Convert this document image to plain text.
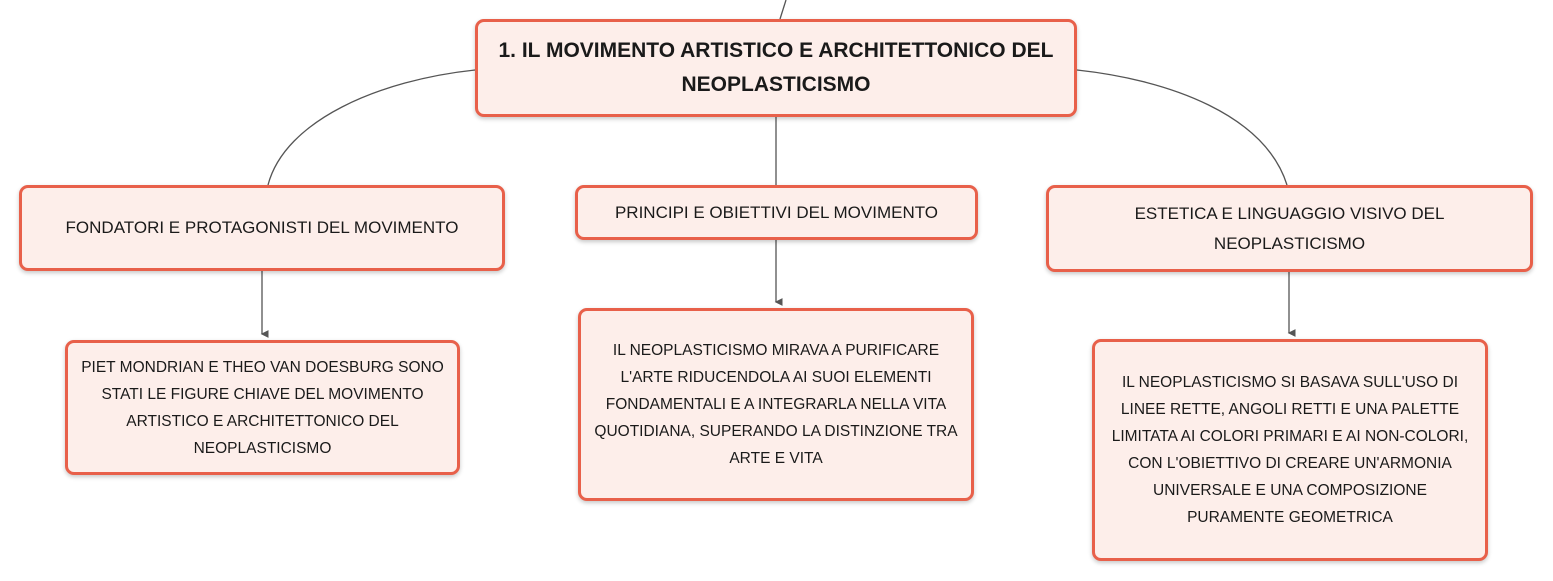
1. IL MOVIMENTO ARTISTICO E ARCHITETTONICO DEL NEOPLASTICISMO
FONDATORI E PROTAGONISTI DEL MOVIMENTO
PRINCIPI E OBIETTIVI DEL MOVIMENTO	ESTETICA E LINGUAGGIO VISIVO DEL NEOPLASTICISMO
PIET MONDRIAN E THEO VAN DOESBURG SONO STATI LE FIGURE CHIAVE DEL MOVIMENTO ARTISTICO E ARCHITETTONICO DEL NEOPLASTICISMO
IL NEOPLASTICISMO MIRAVA A PURIFICARE L'ARTE RIDUCENDOLA AI SUOI ELEMENTI FONDAMENTALI E A INTEGRARLA NELLA VITA QUOTIDIANA, SUPERANDO LA DISTINZIONE TRA ARTE E VITA
IL NEOPLASTICISMO SI BASAVA SULL'USO DI LINEE RETTE, ANGOLI RETTI E UNA PALETTE LIMITATA AI COLORI PRIMARI E AI NON-COLORI, CON L'OBIETTIVO DI CREARE UN'ARMONIA UNIVERSALE E UNA COMPOSIZIONE PURAMENTE GEOMETRICA
